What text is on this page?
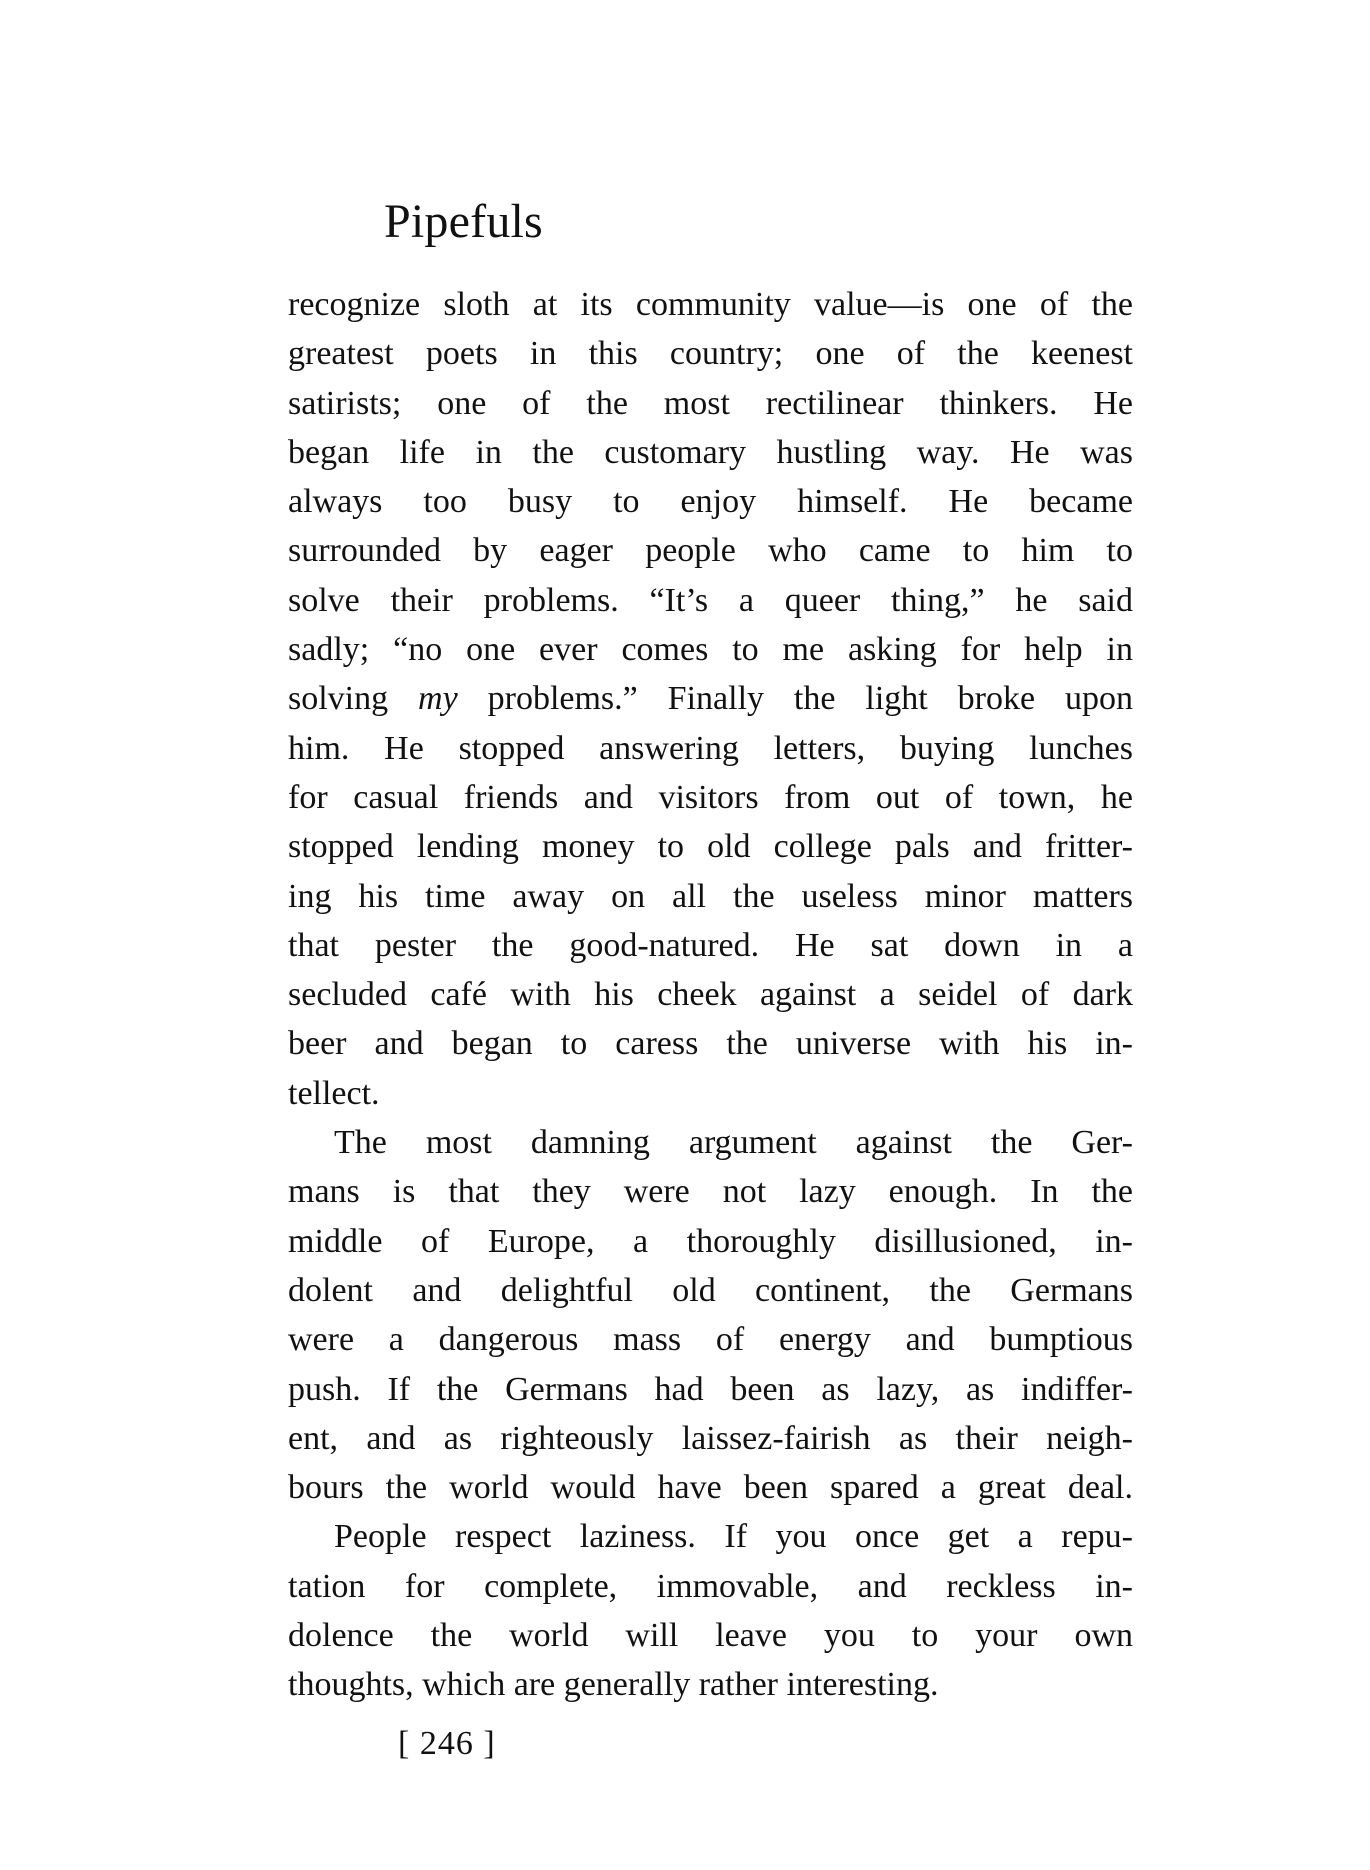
Pipefuls

recognize sloth at its community value—is one of the
greatest poets in this country; one of the keenest
satirists; one of the most rectilinear thinkers. He
began life in the customary hustling way. He was
always too busy to enjoy himself. He became
surrounded by eager people who came to him to
solve their problems. “It’s a queer thing,” he said
sadly; “no one ever comes to me asking for help in
solving my problems.” Finally the light broke upon
him. He stopped answering letters, buying lunches
for casual friends and visitors from out of town, he
stopped lending money to old college pals and fritter-
ing his time away on all the useless minor matters
that pester the good-natured. He sat down in a
secluded café with his cheek against a seidel of dark
beer and began to caress the universe with his in-
tellect.

The most damning argument against the Ger-
mans is that they were not lazy enough. In the
middle of Europe, a thoroughly disillusioned, in-
dolent and delightful old continent, the Germans
were a dangerous mass of energy and bumptious
push. If the Germans had been as lazy, as indiffer-
ent, and as righteously laissez-fairish as their neigh-
bours the world would have been spared a great deal.

People respect laziness. If you once get a repu-
tation for complete, immovable, and reckless in-
dolence the world will leave you to your own
thoughts, which are generally rather interesting.

[ 246 ]
